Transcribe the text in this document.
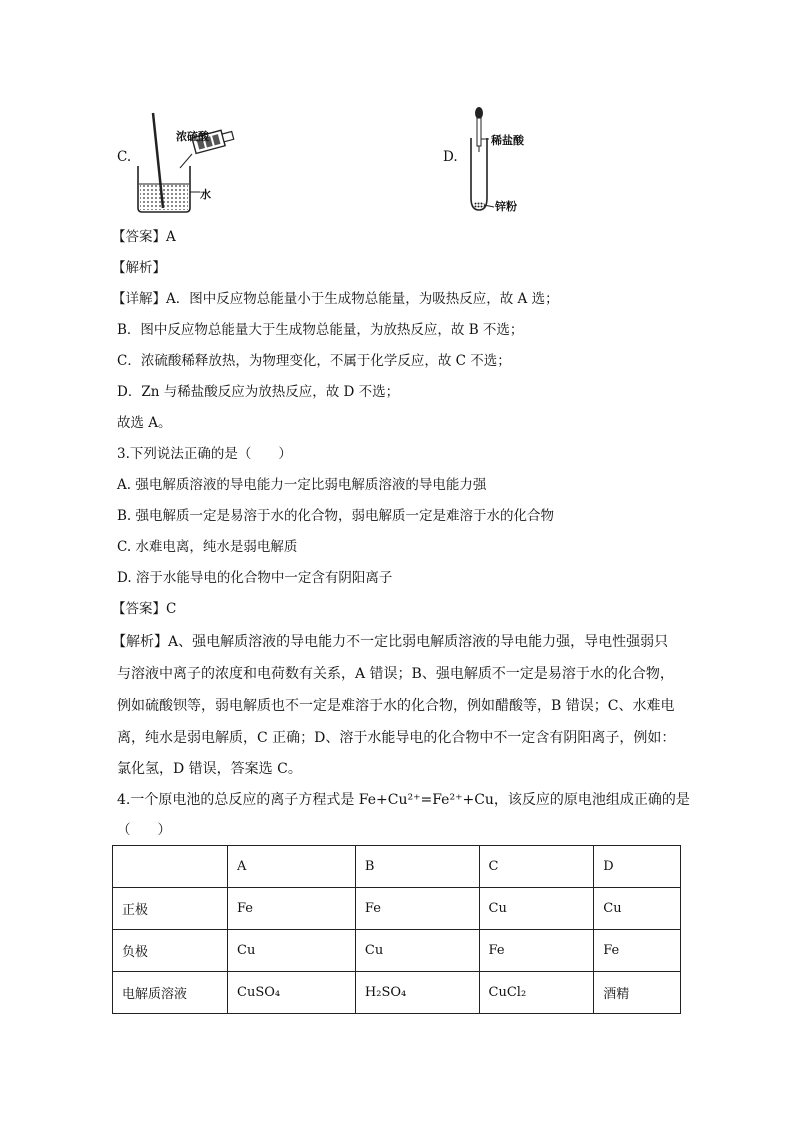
C.
浓硫酸
水
D.
稀盐酸
锌粉
【答案】A
【解析】
【详解】A．图中反应物总能量小于生成物总能量，为吸热反应，故 A 选；
B．图中反应物总能量大于生成物总能量，为放热反应，故 B 不选；
C．浓硫酸稀释放热，为物理变化，不属于化学反应，故 C 不选；
D．Zn 与稀盐酸反应为放热反应，故 D 不选；
故选 A。
3.下列说法正确的是（　　）
A. 强电解质溶液的导电能力一定比弱电解质溶液的导电能力强
B. 强电解质一定是易溶于水的化合物，弱电解质一定是难溶于水的化合物
C. 水难电离，纯水是弱电解质
D. 溶于水能导电的化合物中一定含有阴阳离子
【答案】C
【解析】A、强电解质溶液的导电能力不一定比弱电解质溶液的导电能力强，导电性强弱只
与溶液中离子的浓度和电荷数有关系，A 错误；B、强电解质不一定是易溶于水的化合物，
例如硫酸钡等，弱电解质也不一定是难溶于水的化合物，例如醋酸等，B 错误；C、水难电
离，纯水是弱电解质，C 正确；D、溶于水能导电的化合物中不一定含有阴阳离子，例如：
氯化氢，D 错误，答案选 C。
4.一个原电池的总反应的离子方程式是 Fe+Cu²⁺=Fe²⁺+Cu，该反应的原电池组成正确的是
（　　）
	A	B	C	D
正极	Fe	Fe	Cu	Cu
负极	Cu	Cu	Fe	Fe
电解质溶液	CuSO₄	H₂SO₄	CuCl₂	酒精
